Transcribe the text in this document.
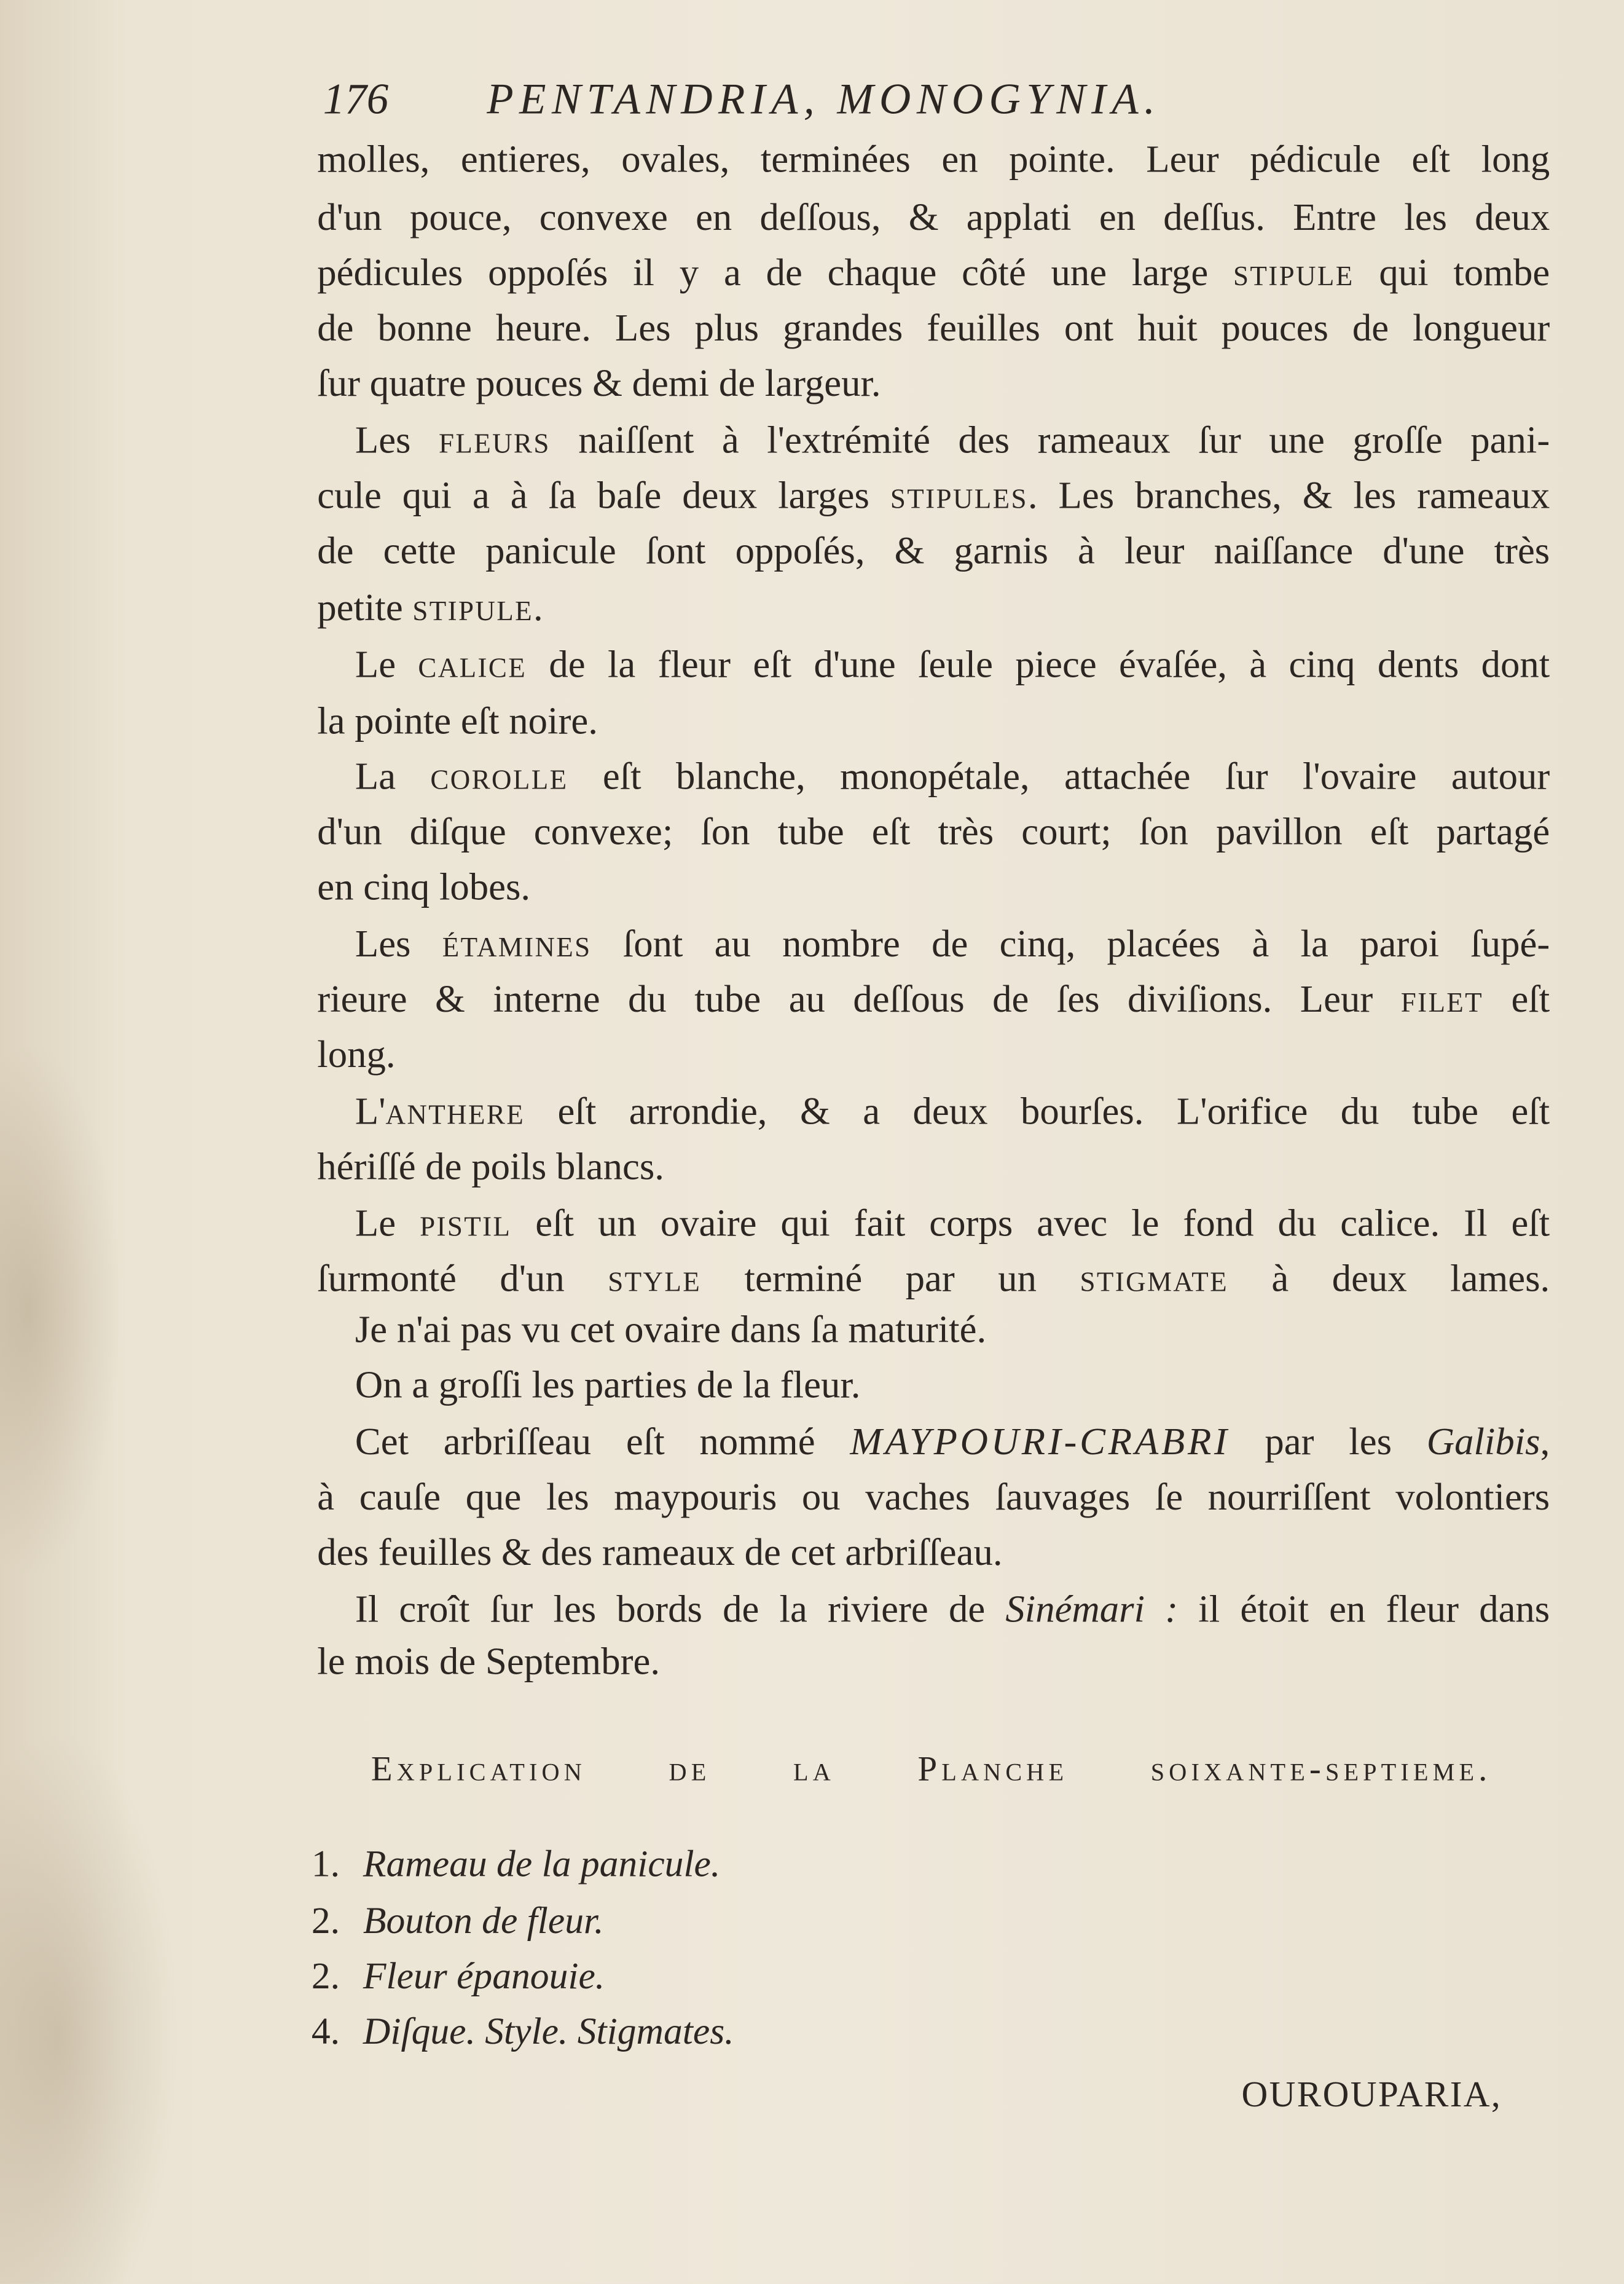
176	PENTANDRIA, MONOGYNIA.
molles, entieres, ovales, terminées en pointe. Leur pédicule eſt long
d'un pouce, convexe en deſſous, & applati en deſſus. Entre les deux
pédicules oppoſés il y a de chaque côté une large stipule qui tombe
de bonne heure. Les plus grandes feuilles ont huit pouces de longueur
ſur quatre pouces & demi de largeur.
Les fleurs naiſſent à l'extrémité des rameaux ſur une groſſe pani-
cule qui a à ſa baſe deux larges stipules. Les branches, & les rameaux
de cette panicule ſont oppoſés, & garnis à leur naiſſance d'une très
petite stipule.
Le calice de la fleur eſt d'une ſeule piece évaſée, à cinq dents dont
la pointe eſt noire.
La corolle eſt blanche, monopétale, attachée ſur l'ovaire autour
d'un diſque convexe; ſon tube eſt très court; ſon pavillon eſt partagé
en cinq lobes.
Les étamines ſont au nombre de cinq, placées à la paroi ſupé-
rieure & interne du tube au deſſous de ſes diviſions. Leur filet eſt
long.
L'anthere eſt arrondie, & a deux bourſes. L'orifice du tube eſt
hériſſé de poils blancs.
Le pistil eſt un ovaire qui fait corps avec le fond du calice. Il eſt
ſurmonté d'un style terminé par un stigmate à deux lames.
Je n'ai pas vu cet ovaire dans ſa maturité.
On a groſſi les parties de la fleur.
Cet arbriſſeau eſt nommé MAYPOURI-CRABRI par les Galibis,
à cauſe que les maypouris ou vaches ſauvages ſe nourriſſent volontiers
des feuilles & des rameaux de cet arbriſſeau.
Il croît ſur les bords de la riviere de Sinémari : il étoit en fleur dans
le mois de Septembre.
Explication de la Planche soixante-septieme.
1. Rameau de la panicule.
2. Bouton de fleur.
2. Fleur épanouie.
4. Diſque. Style. Stigmates.
OUROUPARIA,
